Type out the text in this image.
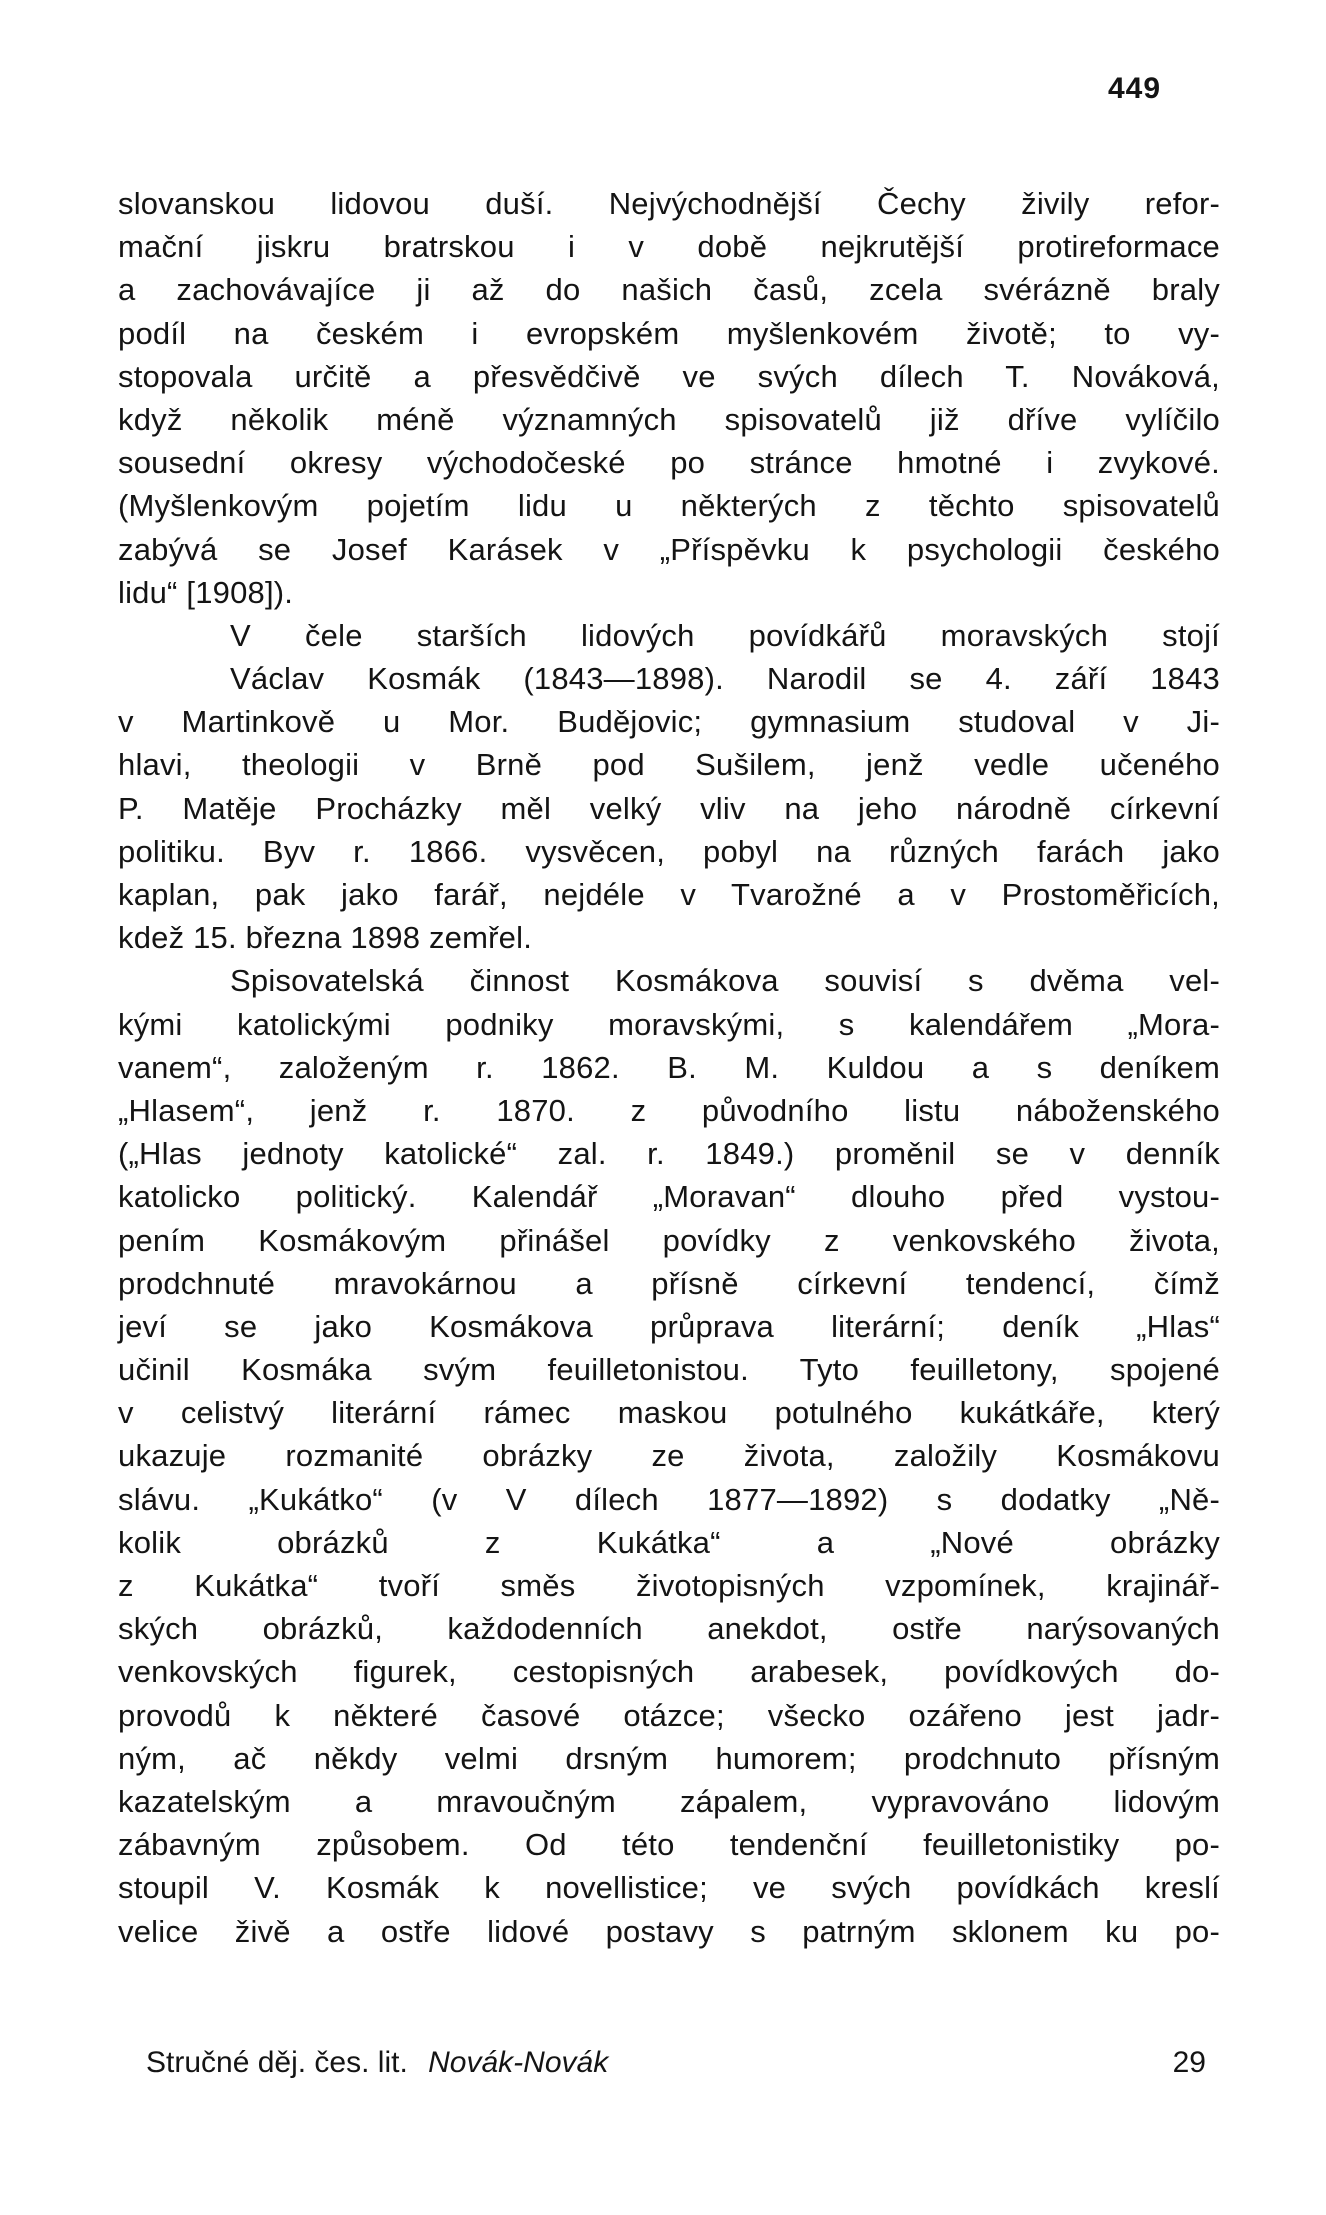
449
slovanskou lidovou duší. Nejvýchodnější Čechy živily refor-
mační jiskru bratrskou i v době nejkrutější protireformace
a zachovávajíce ji až do našich časů, zcela svérázně braly
podíl na českém i evropském myšlenkovém životě; to vy-
stopovala určitě a přesvědčivě ve svých dílech T. Nováková,
když několik méně významných spisovatelů již dříve vylíčilo
sousední okresy východočeské po stránce hmotné i zvykové.
(Myšlenkovým pojetím lidu u některých z těchto spisovatelů
zabývá se Josef Karásek v „Příspěvku k psychologii českého
lidu“ [1908]).
V čele starších lidových povídkářů moravských stojí
Václav Kosmák (1843—1898). Narodil se 4. září 1843
v Martinkově u Mor. Budějovic; gymnasium studoval v Ji-
hlavi, theologii v Brně pod Sušilem, jenž vedle učeného
P. Matěje Procházky měl velký vliv na jeho národně církevní
politiku. Byv r. 1866. vysvěcen, pobyl na různých farách jako
kaplan, pak jako farář, nejdéle v Tvarožné a v Prostoměřicích,
kdež 15. března 1898 zemřel.
Spisovatelská činnost Kosmákova souvisí s dvěma vel-
kými katolickými podniky moravskými, s kalendářem „Mora-
vanem“, založeným r. 1862. B. M. Kuldou a s deníkem
„Hlasem“, jenž r. 1870. z původního listu náboženského
(„Hlas jednoty katolické“ zal. r. 1849.) proměnil se v denník
katolicko politický. Kalendář „Moravan“ dlouho před vystou-
pením Kosmákovým přinášel povídky z venkovského života,
prodchnuté mravokárnou a přísně církevní tendencí, čímž
jeví se jako Kosmákova průprava literární; deník „Hlas“
učinil Kosmáka svým feuilletonistou. Tyto feuilletony, spojené
v celistvý literární rámec maskou potulného kukátkáře, který
ukazuje rozmanité obrázky ze života, založily Kosmákovu
slávu. „Kukátko“ (v V dílech 1877—1892) s dodatky „Ně-
kolik obrázků z Kukátka“ a „Nové obrázky
z Kukátka“ tvoří směs životopisných vzpomínek, krajinář-
ských obrázků, každodenních anekdot, ostře narýsovaných
venkovských figurek, cestopisných arabesek, povídkových do-
provodů k některé časové otázce; všecko ozářeno jest jadr-
ným, ač někdy velmi drsným humorem; prodchnuto přísným
kazatelským a mravoučným zápalem, vypravováno lidovým
zábavným způsobem. Od této tendenční feuilletonistiky po-
stoupil V. Kosmák k novellistice; ve svých povídkách kreslí
velice živě a ostře lidové postavy s patrným sklonem ku po-
Stručné děj. čes. lit. Novák-Novák	29
